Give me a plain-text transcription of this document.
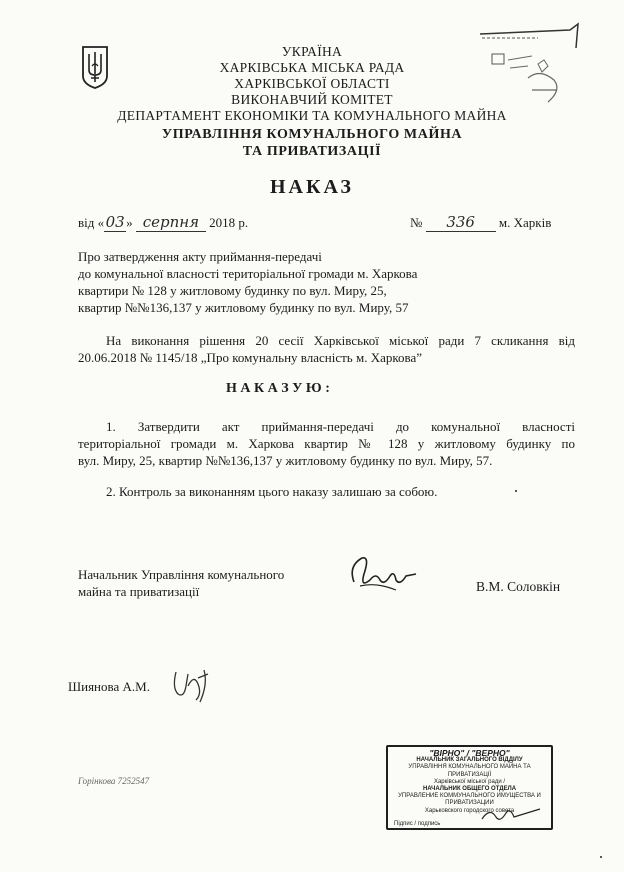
УКРАЇНА
ХАРКІВСЬКА МІСЬКА РАДА
ХАРКІВСЬКОЇ ОБЛАСТІ
ВИКОНАВЧИЙ КОМІТЕТ
ДЕПАРТАМЕНТ ЕКОНОМІКИ ТА КОМУНАЛЬНОГО МАЙНА
УПРАВЛІННЯ КОМУНАЛЬНОГО МАЙНА
ТА ПРИВАТИЗАЦІЇ
НАКАЗ
від «03» серпня 2018 р.	№ 336 м. Харків
Про затвердження акту приймання-передачі
до комунальної власності територіальної громади м. Харкова
квартири № 128 у житловому будинку по вул. Миру, 25,
квартир №№136,137 у житловому будинку по вул. Миру, 57
На виконання рішення 20 сесії Харківської міської ради 7 скликання від
20.06.2018 № 1145/18 „Про комунальну власність м. Харкова”
Н А К А З У Ю :
1. Затвердити акт приймання-передачі до комунальної власності
територіальної громади м. Харкова квартир № 128 у житловому будинку по
вул. Миру, 25, квартир №№136,137 у житловому будинку по вул. Миру, 57.
2. Контроль за виконанням цього наказу залишаю за собою.
Начальник Управління комунального
майна та приватизації	В.М. Соловкін
Шиянова А.М.
Горінкова 7252547
"ВІРНО" / "ВЕРНО"
НАЧАЛЬНИК ЗАГАЛЬНОГО ВІДДІЛУ
УПРАВЛІННЯ КОМУНАЛЬНОГО МАЙНА ТА ПРИВАТИЗАЦІЇ
Харківської міської ради /
НАЧАЛЬНИК ОБЩЕГО ОТДЕЛА
УПРАВЛЕНИЕ КОММУНАЛЬНОГО ИМУЩЕСТВА И ПРИВАТИЗАЦИИ
Харьковского городского совета
Підпис / подпись
